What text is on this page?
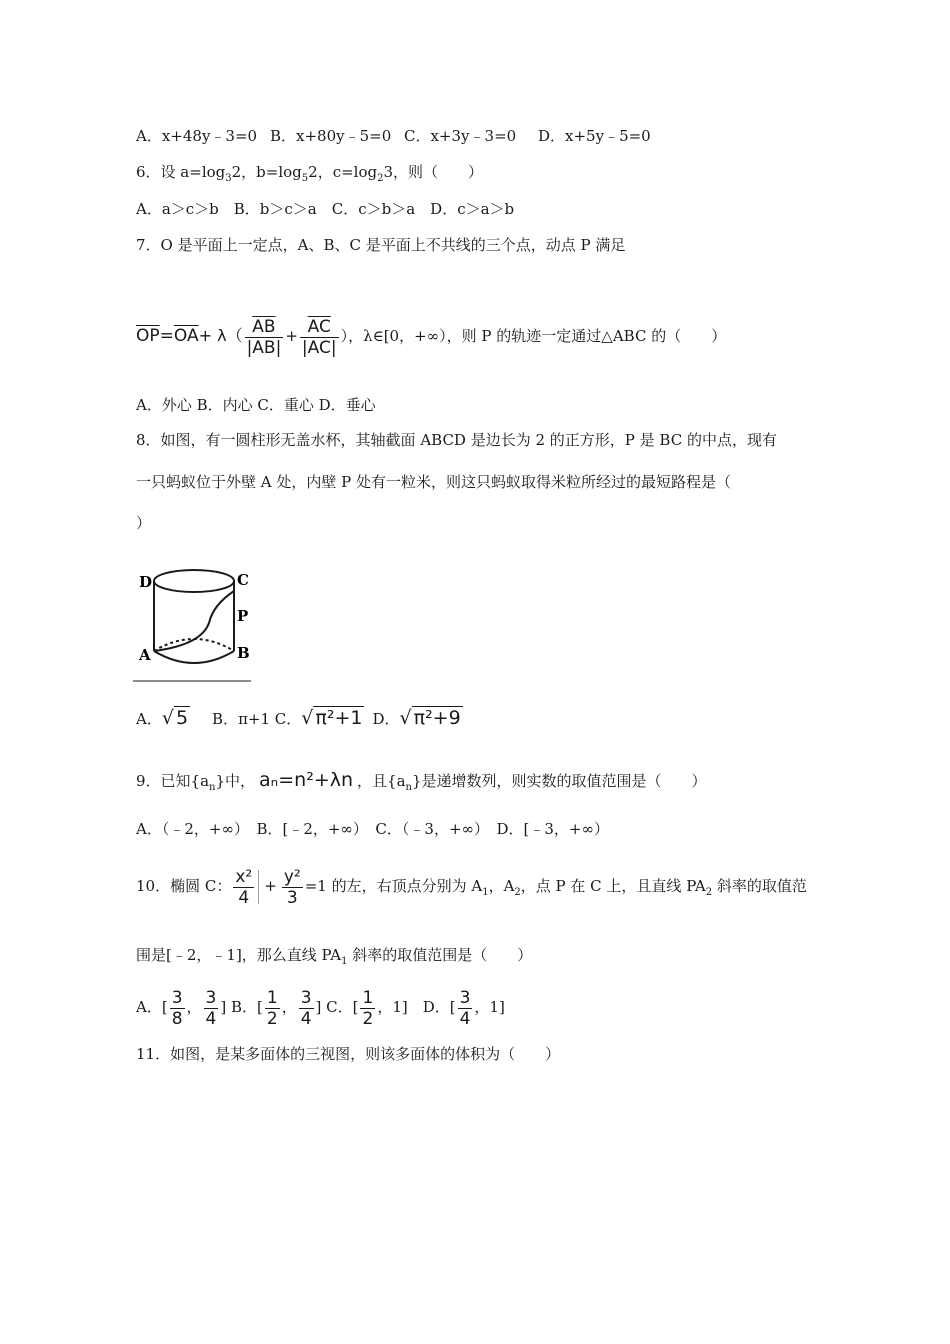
A．x+48y﹣3=0 B．x+80y﹣5=0 C．x+3y﹣3=0 D．x+5y﹣5=0
6．设 $a=\log_32$，$b=\log_52$，$c=\log_23$，则（　　）
A．a＞c＞b　B．b＞c＞a　C．c＞b＞a　D．c＞a＞b
7．O 是平面上一定点，A、B、C 是平面上不共线的三个点，动点 P 满足
$\overline{OP}=\overline{OA}+ \lambda( \frac{\overline{AB}}{|AB|} + \frac{\overline{AC}}{|AC|}$ ），λ∈[0，+∞），则 P 的轨迹一定通过△ABC 的（　　）
A．外心 B．内心 C．重心 D．垂心
8．如图，有一圆柱形无盖水杯，其轴截面 ABCD 是边长为 2 的正方形，P 是 BC 的中点，现有
一只蚂蚁位于外壁 A 处，内壁 P 处有一粒米，则这只蚂蚁取得米粒所经过的最短路程是（
）
D	C
P
A	B
A．√ 5 B．π+1 C．√ π²+1 D．√ π²+9
9．已知$\{a_n\}$中， aₙ=n²+λn ，且$\{a_n\}$是递增数列，则实数的取值范围是（　　）
A．（﹣2，+∞）　B．[﹣2，+∞）　C．（﹣3，+∞）　D．[﹣3，+∞）
10．椭圆 C： $\frac{\text{x²}}{4} + \frac{\text{y²}}{3} =1$ 的左，右顶点分别为 $A_1$，$A_2$，点 P 在 C 上，且直线 $PA_2$ 斜率的取值范
围是[﹣2，﹣1]，那么直线 $PA_1$ 斜率的取值范围是（　　）
A．[ $\frac{3}{8}$ ， $\frac{3}{4}$ ] B．[ $\frac{1}{2}$ ， $\frac{3}{4}$ ] C．[ $\frac{1}{2}$ ，1]　D．[ $\frac{3}{4}$ ，1]
11．如图，是某多面体的三视图，则该多面体的体积为（　　）
